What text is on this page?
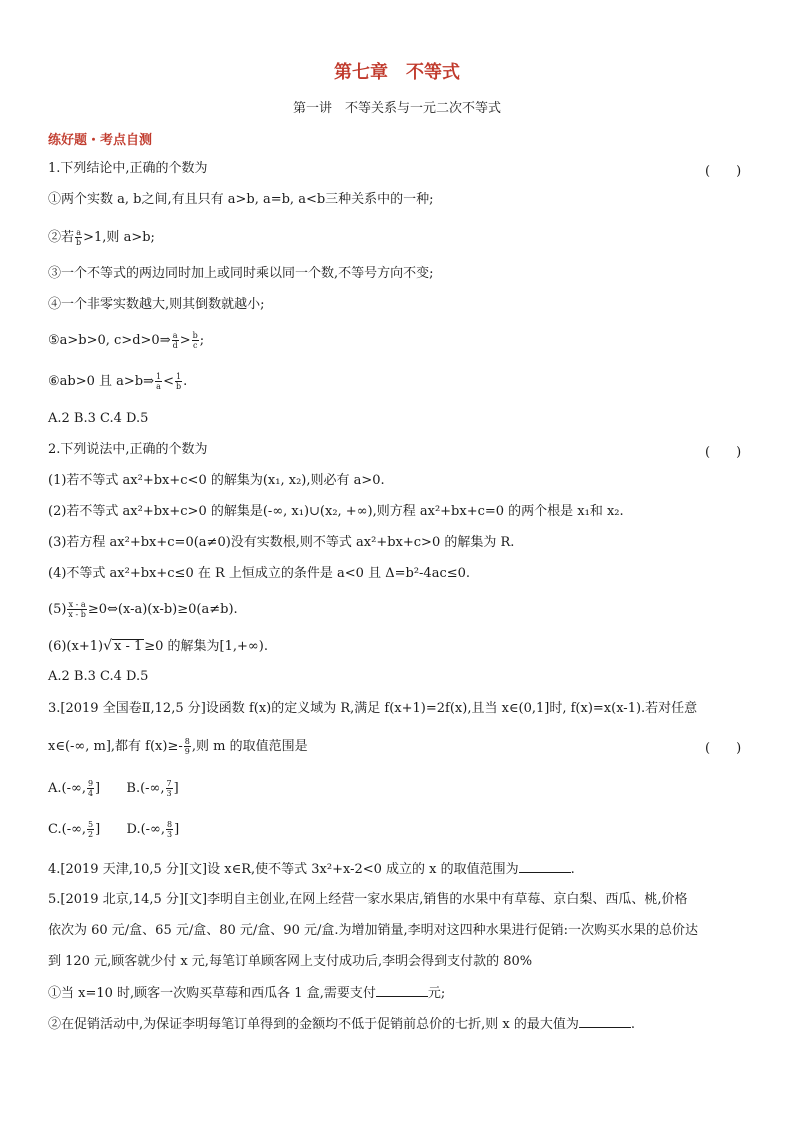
第七章　不等式
第一讲　不等关系与一元二次不等式
练好题・考点自测
1.下列结论中,正确的个数为	(　　)
①两个实数 a, b之间,有且只有 a>b, a=b, a<b三种关系中的一种;
②若 $\frac{a}{b} >1$,则 a>b;
③一个不等式的两边同时加上或同时乘以同一个数,不等号方向不变;
④一个非零实数越大,则其倒数就越小;
⑤a>b>0, c>d>0⇒ $\frac{a}{d} > \frac{b}{c}$ ;
⑥ab>0 且 a>b⇒ $\frac{1}{a} < \frac{1}{b}$ .
A.2 B.3 C.4 D.5
2.下列说法中,正确的个数为	(　　)
(1)若不等式 ax²+bx+c<0 的解集为(x₁, x₂),则必有 a>0.
(2)若不等式 ax²+bx+c>0 的解集是(-∞, x₁)∪(x₂, +∞),则方程 ax²+bx+c=0 的两个根是 x₁和 x₂.
(3)若方程 ax²+bx+c=0(a≠0)没有实数根,则不等式 ax²+bx+c>0 的解集为 R.
(4)不等式 ax²+bx+c≤0 在 R 上恒成立的条件是 a<0 且 Δ=b²-4ac≤0.
$(5) \frac{x - a}{x - b}$ ≥0⇔(x-a)(x-b)≥0(a≠b).
(6)(x+1)√ x - 1 ≥0 的解集为[1,+∞).
A.2 B.3 C.4 D.5
3.[2019 全国卷Ⅱ,12,5 分]设函数 f(x)的定义域为 R,满足 f(x+1)=2f(x),且当 x∈(0,1]时, f(x)=x(x-1).若对任意
x∈(-∞, m],都有 $f(x)\ge- \frac{8}{9}$ ,则 m 的取值范围是	(　　)
A.(-∞, $\frac{9}{4}$ ] B.(-∞, $\frac{7}{3}$ ]
C.(-∞, $\frac{5}{2}$ ] D.(-∞, $\frac{8}{3}$ ]
4.[2019 天津,10,5 分][文]设 x∈R,使不等式 3x²+x-2<0 成立的 x 的取值范围为	.
5.[2019 北京,14,5 分][文]李明自主创业,在网上经营一家水果店,销售的水果中有草莓、京白梨、西瓜、桃,价格
依次为 60 元/盒、65 元/盒、80 元/盒、90 元/盒.为增加销量,李明对这四种水果进行促销:一次购买水果的总价达
到 120 元,顾客就少付 x 元,每笔订单顾客网上支付成功后,李明会得到支付款的 80%
①当 x=10 时,顾客一次购买草莓和西瓜各 1 盒,需要支付	元;
②在促销活动中,为保证李明每笔订单得到的金额均不低于促销前总价的七折,则 x 的最大值为	.
